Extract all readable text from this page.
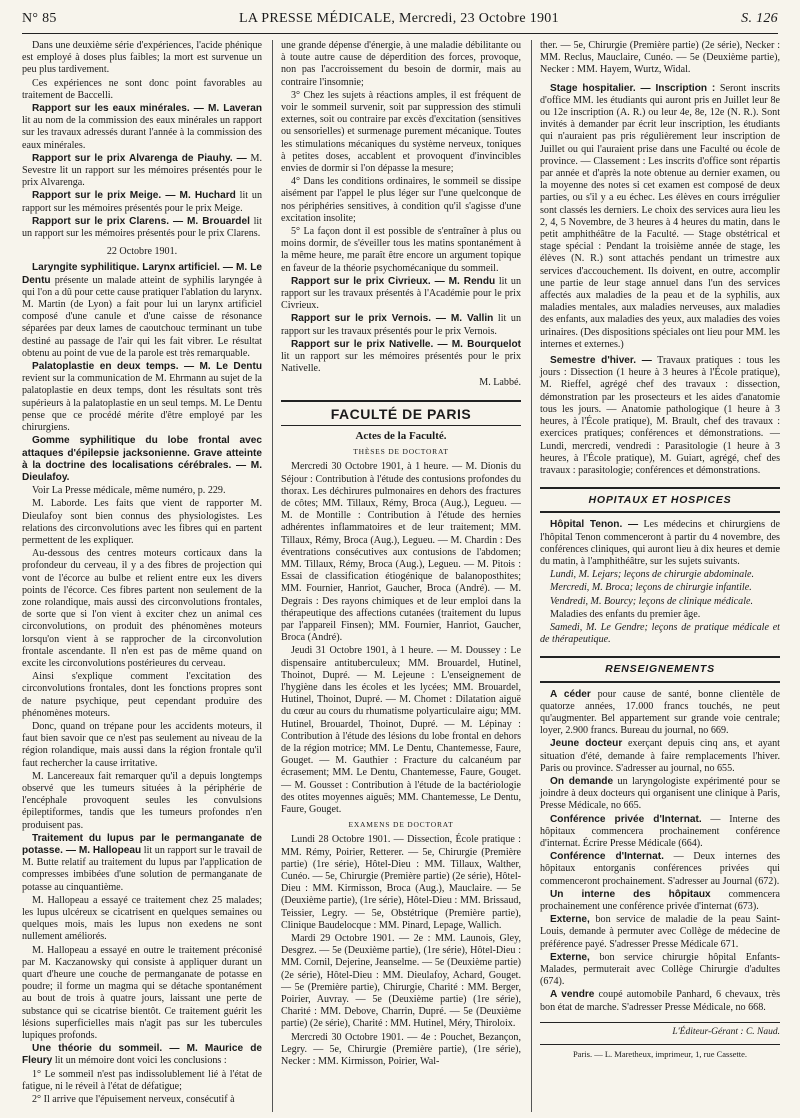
N° 85	LA PRESSE MÉDICALE, Mercredi, 23 Octobre 1901	S. 126

Dans une deuxième série d'expériences, l'acide phénique est employé à doses plus faibles; la mort est survenue un peu plus tardivement.

Ces expériences ne sont donc point favorables au traitement de Baccelli.

Rapport sur les eaux minérales. — M. Laveran lit au nom de la commission des eaux minérales un rapport sur les travaux adressés durant l'année à la commission des eaux minérales.

Rapport sur le prix Alvarenga de Piauhy. — M. Sevestre lit un rapport sur les mémoires présentés pour le prix Alvarenga.

Rapport sur le prix Meige. — M. Huchard lit un rapport sur les mémoires présentés pour le prix Meige.

Rapport sur le prix Clarens. — M. Brouardel lit un rapport sur les mémoires présentés pour le prix Clarens.

22 Octobre 1901.

Laryngite syphilitique. Larynx artificiel. — M. Le Dentu présente un malade atteint de syphilis laryngée à qui l'on a dû pour cette cause pratiquer l'ablation du larynx. M. Martin (de Lyon) a fait pour lui un larynx artificiel composé d'une canule et d'une caisse de résonance séparées par deux lames de caoutchouc terminant un tube destiné au passage de l'air qui les fait vibrer. Le résultat obtenu au point de vue de la parole est très remarquable.

Palatoplastie en deux temps. — M. Le Dentu revient sur la communication de M. Ehrmann au sujet de la palatoplastie en deux temps, dont les résultats sont très supérieurs à la palatoplastie en un seul temps. M. Le Dentu pense que ce procédé mérite d'être employé par les chirurgiens.

Gomme syphilitique du lobe frontal avec attaques d'épilepsie jacksonienne. Grave atteinte à la doctrine des localisations cérébrales. — M. Dieulafoy.

Voir La Presse médicale, même numéro, p. 229.

M. Laborde. Les faits que vient de rapporter M. Dieulafoy sont bien connus des physiologistes. Les relations des circonvolutions avec les fibres qui en partent permettent de les expliquer.

Au-dessous des centres moteurs corticaux dans la profondeur du cerveau, il y a des fibres de projection qui vont de l'écorce au bulbe et relient entre eux les divers points de l'écorce. Ces fibres partent non seulement de la zone rolandique, mais aussi des circonvolutions frontales, de sorte que si l'on vient à exciter chez un animal ces circonvolutions, on produit des phénomènes moteurs lorsqu'on vient à se rapprocher de la circonvolution frontale ascendante. Il n'en est pas de même quand on excite les circonvolutions postérieures du cerveau.

Ainsi s'explique comment l'excitation des circonvolutions frontales, dont les fonctions propres sont de nature psychique, peut cependant produire des phénomènes moteurs.

Donc, quand on trépane pour les accidents moteurs, il faut bien savoir que ce n'est pas seulement au niveau de la région rolandique, mais aussi dans la région frontale qu'il faut rechercher la cause irritative.

M. Lancereaux fait remarquer qu'il a depuis longtemps observé que les tumeurs situées à la périphérie de l'encéphale provoquent seules les convulsions épileptiformes, tandis que les tumeurs profondes n'en produisent pas.

Traitement du lupus par le permanganate de potasse. — M. Hallopeau lit un rapport sur le travail de M. Butte relatif au traitement du lupus par l'application de compresses imbibées d'une solution de permanganate de potasse au cinquantième.

M. Hallopeau a essayé ce traitement chez 25 malades; les lupus ulcéreux se cicatrisent en quelques semaines ou quelques mois, mais les lupus non exedens ne sont nullement améliorés.

M. Hallopeau a essayé en outre le traitement préconisé par M. Kaczanowsky qui consiste à appliquer durant un quart d'heure une couche de permanganate de potasse en poudre; il forme un magma qui se détache spontanément au bout de trois à quatre jours, laissant une perte de substance qui se cicatrise bientôt. Ce traitement guérit les lésions superficielles mais n'agit pas sur les tubercules lupiques profonds.

Une théorie du sommeil. — M. Maurice de Fleury lit un mémoire dont voici les conclusions :

1° Le sommeil n'est pas indissolublement lié à l'état de fatigue, ni le réveil à l'état de défatigue;

2° Il arrive que l'épuisement nerveux, consécutif à

une grande dépense d'énergie, à une maladie débilitante ou à toute autre cause de déperdition des forces, provoque, non pas l'accroissement du besoin de dormir, mais au contraire l'insomnie;

3° Chez les sujets à réactions amples, il est fréquent de voir le sommeil survenir, soit par suppression des stimuli externes, soit ou contraire par excès d'excitation (sensitives ou sensorielles) et surmenage purement mécanique. Toutes les stimulations mécaniques du système nerveux, toniques à petites doses, accablent et provoquent d'invincibles envies de dormir si l'on dépasse la mesure;

4° Dans les conditions ordinaires, le sommeil se dissipe aisément par l'appel le plus léger sur l'une quelconque de nos périphéries sensitives, à condition qu'il s'agisse d'une excitation insolite;

5° La façon dont il est possible de s'entraîner à plus ou moins dormir, de s'éveiller tous les matins spontanément à la même heure, me paraît être encore un argument topique en faveur de la théorie psychomécanique du sommeil.

Rapport sur le prix Civrieux. — M. Rendu lit un rapport sur les travaux présentés à l'Académie pour le prix Civrieux.

Rapport sur le prix Vernois. — M. Vallin lit un rapport sur les travaux présentés pour le prix Vernois.

Rapport sur le prix Nativelle. — M. Bourquelot lit un rapport sur les mémoires présentés pour le prix Nativelle.

M. Labbé.

FACULTÉ DE PARIS
Actes de la Faculté.
THÈSES DE DOCTORAT

Mercredi 30 Octobre 1901, à 1 heure. — M. Dionis du Séjour : Contribution à l'étude des contusions profondes du thorax. Les déchirures pulmonaires en dehors des fractures de côtes; MM. Tillaux, Rémy, Broca (Aug.), Legueu. — M. de Montille : Contribution à l'étude des hernies adhérentes inflammatoires et de leur traitement; MM. Tillaux, Rémy, Broca (Aug.), Legueu. — M. Chardin : Des éventrations consécutives aux contusions de l'abdomen; MM. Tillaux, Rémy, Broca (Aug.), Legueu. — M. Pitois : Essai de classification étiogénique de balanoposthites; MM. Fournier, Hanriot, Gaucher, Broca (André). — M. Degrais : Des rayons chimiques et de leur emploi dans la thérapeutique des affections cutanées (traitement du lupus par l'appareil Finsen); MM. Fournier, Hanriot, Gaucher, Broca (André).

Jeudi 31 Octobre 1901, à 1 heure. — M. Doussey : Le dispensaire antituberculeux; MM. Brouardel, Hutinel, Thoinot, Dupré. — M. Lejeune : L'enseignement de l'hygiène dans les écoles et les lycées; MM. Brouardel, Hutinel, Thoinot, Dupré. — M. Chomet : Dilatation aiguë du cœur au cours du rhumatisme polyarticulaire aigu; MM. Hutinel, Brouardel, Thoinot, Dupré. — M. Lépinay : Contribution à l'étude des lésions du lobe frontal en dehors de la région motrice; MM. Le Dentu, Chantemesse, Faure, Gouget. — M. Gauthier : Fracture du calcanéum par écrasement; MM. Le Dentu, Chantemesse, Faure, Gouget. — M. Gousset : Contribution à l'étude de la bactériologie des otites moyennes aiguës; MM. Chantemesse, Le Dentu, Faure, Gouget.

EXAMENS DE DOCTORAT

Lundi 28 Octobre 1901. — Dissection, École pratique : MM. Rémy, Poirier, Retterer. — 5e, Chirurgie (Première partie) (1re série), Hôtel-Dieu : MM. Tillaux, Walther, Cunéo. — 5e, Chirurgie (Première partie) (2e série), Hôtel-Dieu : MM. Kirmisson, Broca (Aug.), Mauclaire. — 5e (Deuxième partie), (1re série), Hôtel-Dieu : MM. Brissaud, Teissier, Legry. — 5e, Obstétrique (Première partie), Clinique Baudelocque : MM. Pinard, Lepage, Wallich.

Mardi 29 Octobre 1901. — 2e : MM. Launois, Gley, Desgrez. — 5e (Deuxième partie), (1re série), Hôtel-Dieu : MM. Cornil, Dejerine, Jeanselme. — 5e (Deuxième partie) (2e série), Hôtel-Dieu : MM. Dieulafoy, Achard, Gouget. — 5e (Première partie), Chirurgie, Charité : MM. Berger, Poirier, Auvray. — 5e (Deuxième partie) (1re série), Charité : MM. Debove, Charrin, Dupré. — 5e (Deuxième partie) (2e série), Charité : MM. Hutinel, Méry, Thiroloix.

Mercredi 30 Octobre 1901. — 4e : Pouchet, Bezançon, Legry. — 5e, Chirurgie (Première partie), (1re série), Necker : MM. Kirmisson, Poirier, Wal-

ther. — 5e, Chirurgie (Première partie) (2e série), Necker : MM. Reclus, Mauclaire, Cunéo. — 5e (Deuxième partie), Necker : MM. Hayem, Wurtz, Widal.

Stage hospitalier. — Inscription : Seront inscrits d'office MM. les étudiants qui auront pris en Juillet leur 8e ou 12e inscription (A. R.) ou leur 4e, 8e, 12e (N. R.). Sont invités à demander par écrit leur inscription, les étudiants qui n'auraient pas pris régulièrement leur inscription de Juillet ou qui l'auraient prise dans une Faculté ou école de province. — Classement : Les inscrits d'office sont répartis par année et d'après la note obtenue au dernier examen, ou la moyenne des notes si cet examen est composé de deux parties, ou s'il y a eu échec. Les élèves en cours irrégulier sont classés les derniers. Le choix des services aura lieu les 2, 4, 5 Novembre, de 3 heures à 4 heures du matin, dans le petit amphithéâtre de la Faculté. — Stage obstétrical et stage spécial : Pendant la troisième année de stage, les élèves (N. R.) sont attachés pendant un trimestre aux services d'accouchement. Ils doivent, en outre, accomplir une partie de leur stage annuel dans l'un des services affectés aux maladies de la peau et de la syphilis, aux maladies mentales, aux maladies nerveuses, aux maladies des enfants, aux maladies des yeux, aux maladies des voies urinaires. (Des dispositions spéciales ont lieu pour MM. les internes et externes.)

Semestre d'hiver. — Travaux pratiques : tous les jours : Dissection (1 heure à 3 heures à l'École pratique), M. Rieffel, agrégé chef des travaux : dissection, démonstration par les prosecteurs et les aides d'anatomie tous les jours. — Anatomie pathologique (1 heure à 3 heures, à l'École pratique), M. Brault, chef des travaux : exercices pratiques; conférences et démonstrations. — Lundi, mercredi, vendredi : Parasitologie (1 heure à 3 heures, à l'École pratique), M. Guiart, agrégé, chef des travaux : parasitologie; conférences et démonstrations.

HOPITAUX ET HOSPICES

Hôpital Tenon. — Les médecins et chirurgiens de l'hôpital Tenon commenceront à partir du 4 novembre, des conférences cliniques, qui auront lieu à dix heures et demie du matin, à l'amphithéâtre, sur les sujets suivants.

Lundi, M. Lejars; leçons de chirurgie abdominale.

Mercredi, M. Broca; leçons de chirurgie infantile.

Vendredi, M. Bourcy; leçons de clinique médicale.

Maladies des enfants du premier âge.

Samedi, M. Le Gendre; leçons de pratique médicale et de thérapeutique.

RENSEIGNEMENTS

A céder pour cause de santé, bonne clientèle de quatorze années, 17.000 francs touchés, ne peut qu'augmenter. Bel appartement sur grande voie centrale; loyer, 2.900 francs. Bureau du journal, no 669.

Jeune docteur exerçant depuis cinq ans, et ayant situation d'été, demande à faire remplacements l'hiver. Paris ou province. S'adresser au journal, no 655.

On demande un laryngologiste expérimenté pour se joindre à deux docteurs qui organisent une clinique à Paris, Presse Médicale, no 665.

Conférence privée d'Internat. — Interne des hôpitaux commencera prochainement conférence d'internat. Écrire Presse Médicale (664).

Conférence d'Internat. — Deux internes des hôpitaux entorganis conférences privées qui commenceront prochainement. S'adresser au Journal (672).

Un interne des hôpitaux commencera prochainement une conférence privée d'internat (673).

Externe, bon service de maladie de la peau Saint-Louis, demande à permuter avec Collège de médecine de préférence payé. S'adresser Presse Médicale 671.

Externe, bon service chirurgie hôpital Enfants-Malades, permuterait avec Collège Chirurgie d'adultes (674).

A vendre coupé automobile Panhard, 6 chevaux, très bon état de marche. S'adresser Presse Médicale, no 668.

L'Éditeur-Gérant : C. Naud.
Paris. — L. Maretheux, imprimeur, 1, rue Cassette.
